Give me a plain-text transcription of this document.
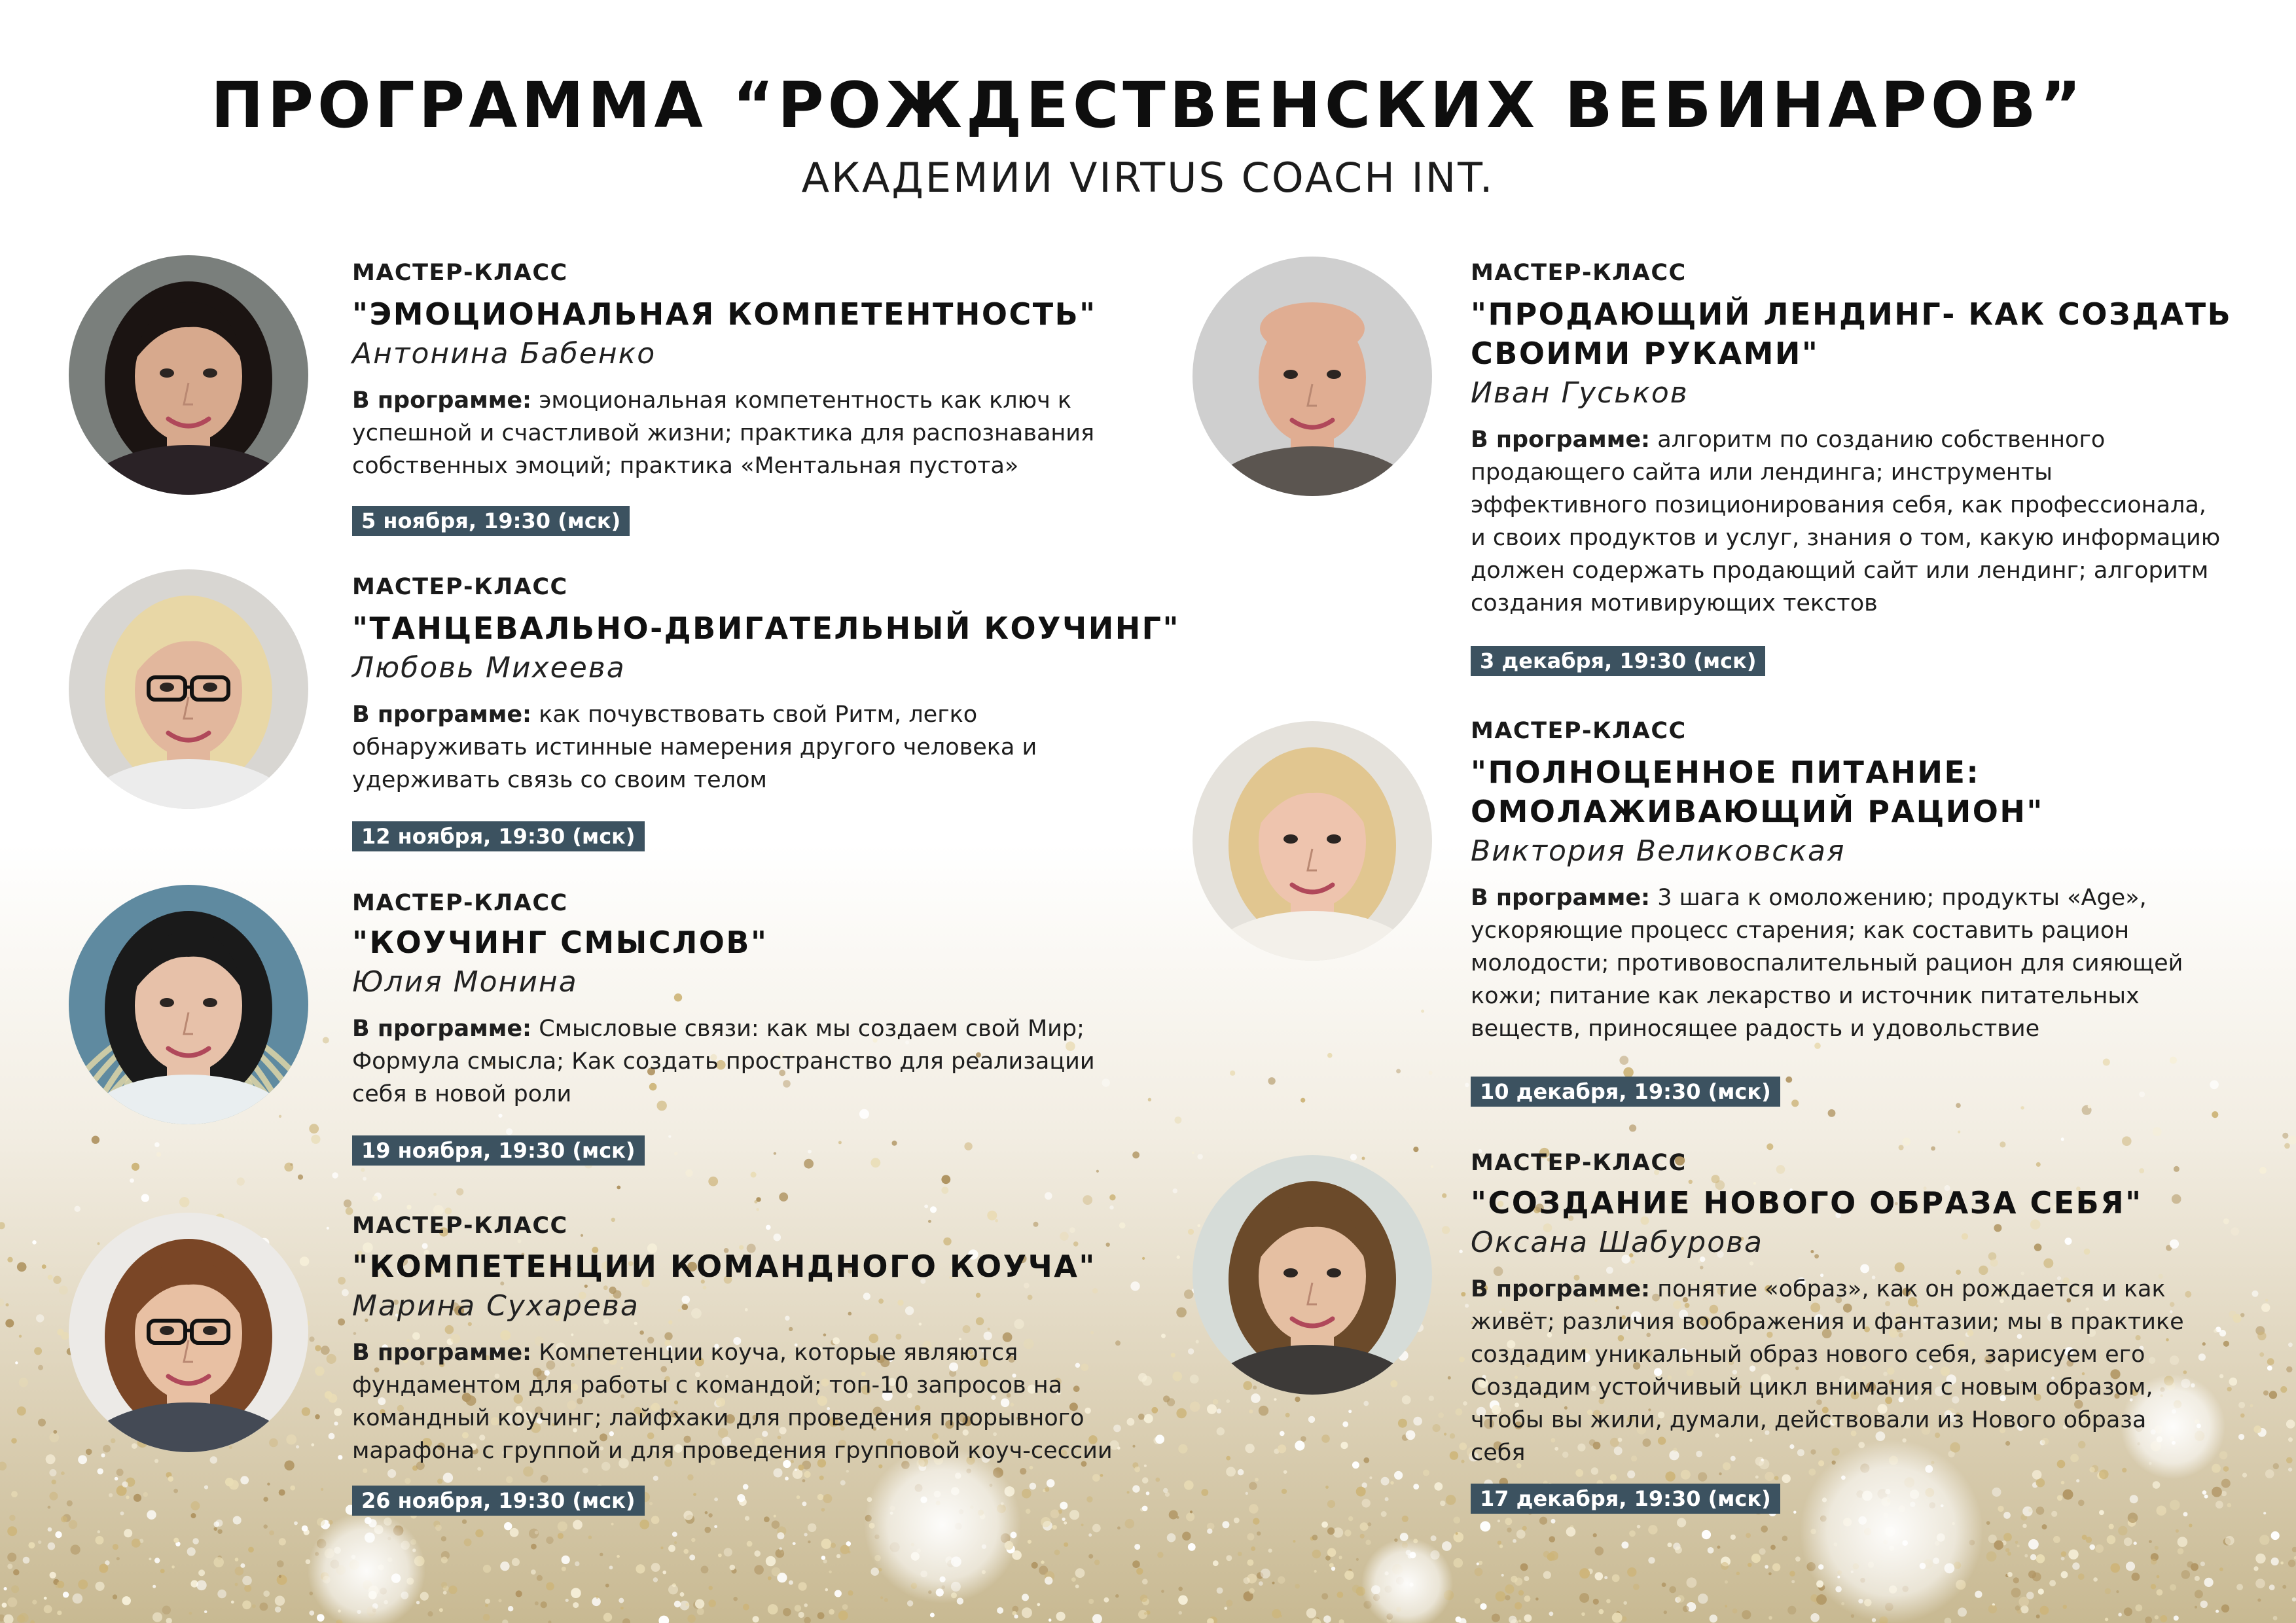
ПРОГРАММА “РОЖДЕСТВЕНСКИХ ВЕБИНАРОВ”
АКАДЕМИИ VIRTUS COACH INT.
МАСТЕР-КЛАСС
"ЭМОЦИОНАЛЬНАЯ КОМПЕТЕНТНОСТЬ"
Антонина Бабенко
В программе: эмоциональная компетентность как ключ к
успешной и счастливой жизни; практика для распознавания
собственных эмоций; практика «Ментальная пустота»
5 ноября, 19:30 (мск)
МАСТЕР-КЛАСС
"ТАНЦЕВАЛЬНО-ДВИГАТЕЛЬНЫЙ КОУЧИНГ"
Любовь Михеева
В программе: как почувствовать свой Ритм, легко
обнаруживать истинные намерения другого человека и
удерживать связь со своим телом
12 ноября, 19:30 (мск)
МАСТЕР-КЛАСС
"КОУЧИНГ СМЫСЛОВ"
Юлия Монина
В программе: Смысловые связи: как мы создаем свой Мир;
Формула смысла; Как создать пространство для реализации
себя в новой роли
19 ноября, 19:30 (мск)
МАСТЕР-КЛАСС
"КОМПЕТЕНЦИИ КОМАНДНОГО КОУЧА"
Марина Сухарева
В программе: Компетенции коуча, которые являются
фундаментом для работы с командой; топ-10 запросов на
командный коучинг; лайфхаки для проведения прорывного
марафона с группой и для проведения групповой коуч-сессии
26 ноября, 19:30 (мск)
МАСТЕР-КЛАСС
"ПРОДАЮЩИЙ ЛЕНДИНГ- КАК СОЗДАТЬ
СВОИМИ РУКАМИ"
Иван Гуськов
В программе: алгоритм по созданию собственного
продающего сайта или лендинга; инструменты
эффективного позиционирования себя, как профессионала,
и своих продуктов и услуг, знания о том, какую информацию
должен содержать продающий сайт или лендинг; алгоритм
создания мотивирующих текстов
3 декабря, 19:30 (мск)
МАСТЕР-КЛАСС
"ПОЛНОЦЕННОЕ ПИТАНИЕ:
ОМОЛАЖИВАЮЩИЙ РАЦИОН"
Виктория Великовская
В программе: 3 шага к омоложению; продукты «Age»,
ускоряющие процесс старения; как составить рацион
молодости; противовоспалительный рацион для сияющей
кожи; питание как лекарство и источник питательных
веществ, приносящее радость и удовольствие
10 декабря, 19:30 (мск)
МАСТЕР-КЛАСС
"СОЗДАНИЕ НОВОГО ОБРАЗА СЕБЯ"
Оксана Шабурова
В программе: понятие «образ», как он рождается и как
живёт; различия воображения и фантазии; мы в практике
создадим уникальный образ нового себя, зарисуем его
Создадим устойчивый цикл внимания с новым образом,
чтобы вы жили, думали, действовали из Нового образа
себя
17 декабря, 19:30 (мск)
